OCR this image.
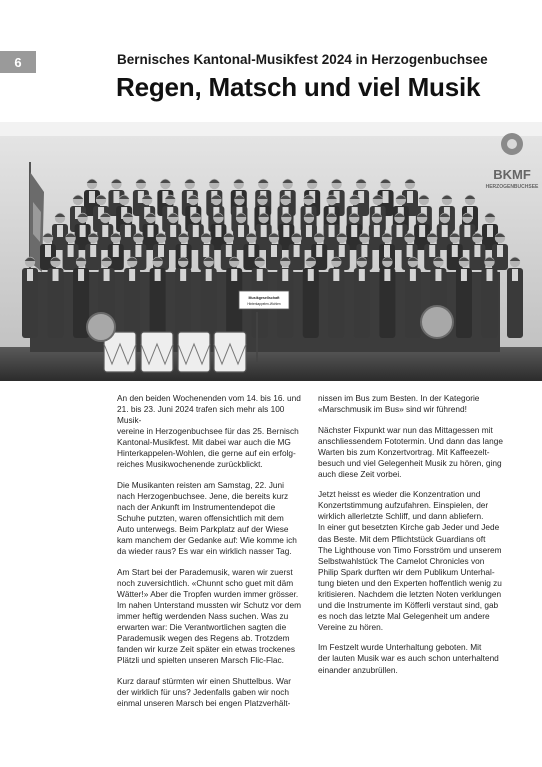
6	Bernisches Kantonal-Musikfest 2024 in Herzogenbuchsee
Regen, Matsch und viel Musik
BKMF
HERZOGENBUCHSEE
Musikgesellschaft
Hinterkappelen-Wohlen

An den beiden Wochenenden vom 14. bis 16. und
21. bis 23. Juni 2024 trafen sich mehr als 100 Musik-
vereine in Herzogenbuchsee für das 25. Bernisch
Kantonal-Musikfest. Mit dabei war auch die MG
Hinterkappelen-Wohlen, die gerne auf ein erfolg-
reiches Musikwochenende zurückblickt.

Die Musikanten reisten am Samstag, 22. Juni
nach Herzogenbuchsee. Jene, die bereits kurz
nach der Ankunft im Instrumentendepot die
Schuhe putzten, waren offensichtlich mit dem
Auto unterwegs. Beim Parkplatz auf der Wiese
kam manchem der Gedanke auf: Wie komme ich
da wieder raus? Es war ein wirklich nasser Tag.

Am Start bei der Parademusik, waren wir zuerst
noch zuversichtlich. «Chunnt scho guet mit däm
Wätter!» Aber die Tropfen wurden immer grösser.
Im nahen Unterstand mussten wir Schutz vor dem
immer heftig werdenden Nass suchen. Was zu
erwarten war: Die Verantwortlichen sagten die
Parademusik wegen des Regens ab. Trotzdem
fanden wir kurze Zeit später ein etwas trockenes
Plätzli und spielten unseren Marsch Flic-Flac.

Kurz darauf stürmten wir einen Shuttelbus. War
der wirklich für uns? Jedenfalls gaben wir noch
einmal unseren Marsch bei engen Platzverhält-

nissen im Bus zum Besten. In der Kategorie
«Marschmusik im Bus» sind wir führend!

Nächster Fixpunkt war nun das Mittagessen mit
anschliessendem Fototermin. Und dann das lange
Warten bis zum Konzertvortrag. Mit Kaffeezelt-
besuch und viel Gelegenheit Musik zu hören, ging
auch diese Zeit vorbei.

Jetzt heisst es wieder die Konzentration und
Konzertstimmung aufzufahren. Einspielen, der
wirklich allerletzte Schliff, und dann abliefern.
In einer gut besetzten Kirche gab Jeder und Jede
das Beste. Mit dem Pflichtstück Guardians oft
The Lighthouse von Timo Forsström und unserem
Selbstwahlstück The Camelot Chronicles von
Philip Spark durften wir dem Publikum Unterhal-
tung bieten und den Experten hoffentlich wenig zu
kritisieren. Nachdem die letzten Noten verklungen
und die Instrumente im Köfferli verstaut sind, gab
es noch das letzte Mal Gelegenheit um andere
Vereine zu hören.

Im Festzelt wurde Unterhaltung geboten. Mit
der lauten Musik war es auch schon unterhaltend
einander anzubrüllen.
